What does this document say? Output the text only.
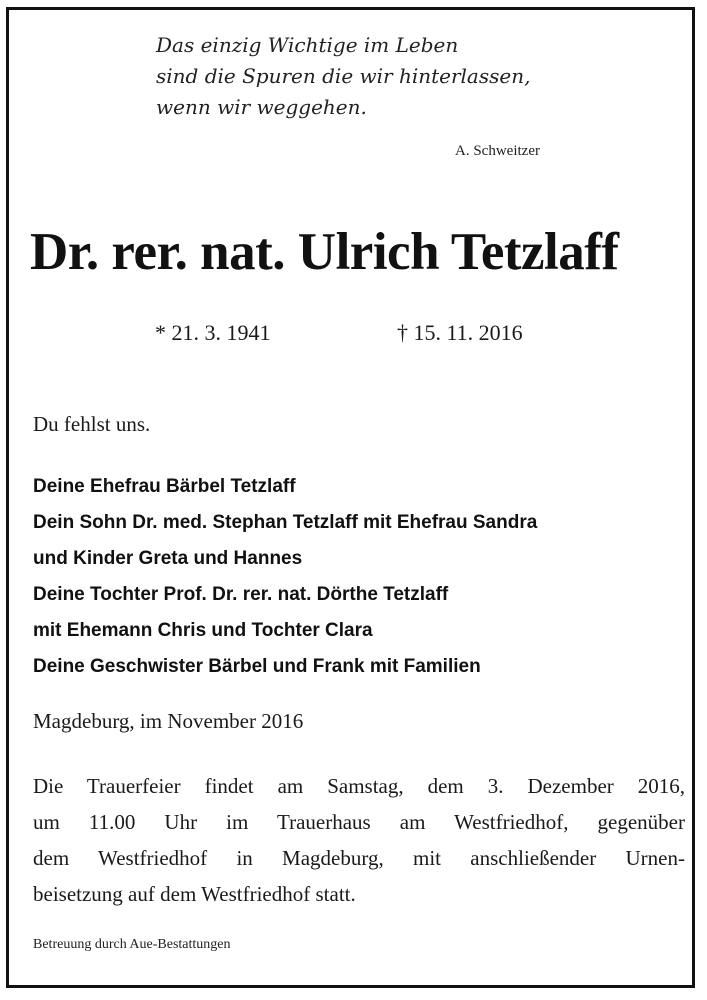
Das einzig Wichtige im Leben
sind die Spuren die wir hinterlassen,
wenn wir weggehen.
A. Schweitzer
Dr. rer. nat. Ulrich Tetzlaff
* 21. 3. 1941	† 15. 11. 2016
Du fehlst uns.
Deine Ehefrau Bärbel Tetzlaff
Dein Sohn Dr. med. Stephan Tetzlaff mit Ehefrau Sandra
und Kinder Greta und Hannes
Deine Tochter Prof. Dr. rer. nat. Dörthe Tetzlaff
mit Ehemann Chris und Tochter Clara
Deine Geschwister Bärbel und Frank mit Familien
Magdeburg, im November 2016
Die Trauerfeier findet am Samstag, dem 3. Dezember 2016,
um 11.00 Uhr im Trauerhaus am Westfriedhof, gegenüber
dem Westfriedhof in Magdeburg, mit anschließender Urnen-
beisetzung auf dem Westfriedhof statt.
Betreuung durch Aue-Bestattungen
